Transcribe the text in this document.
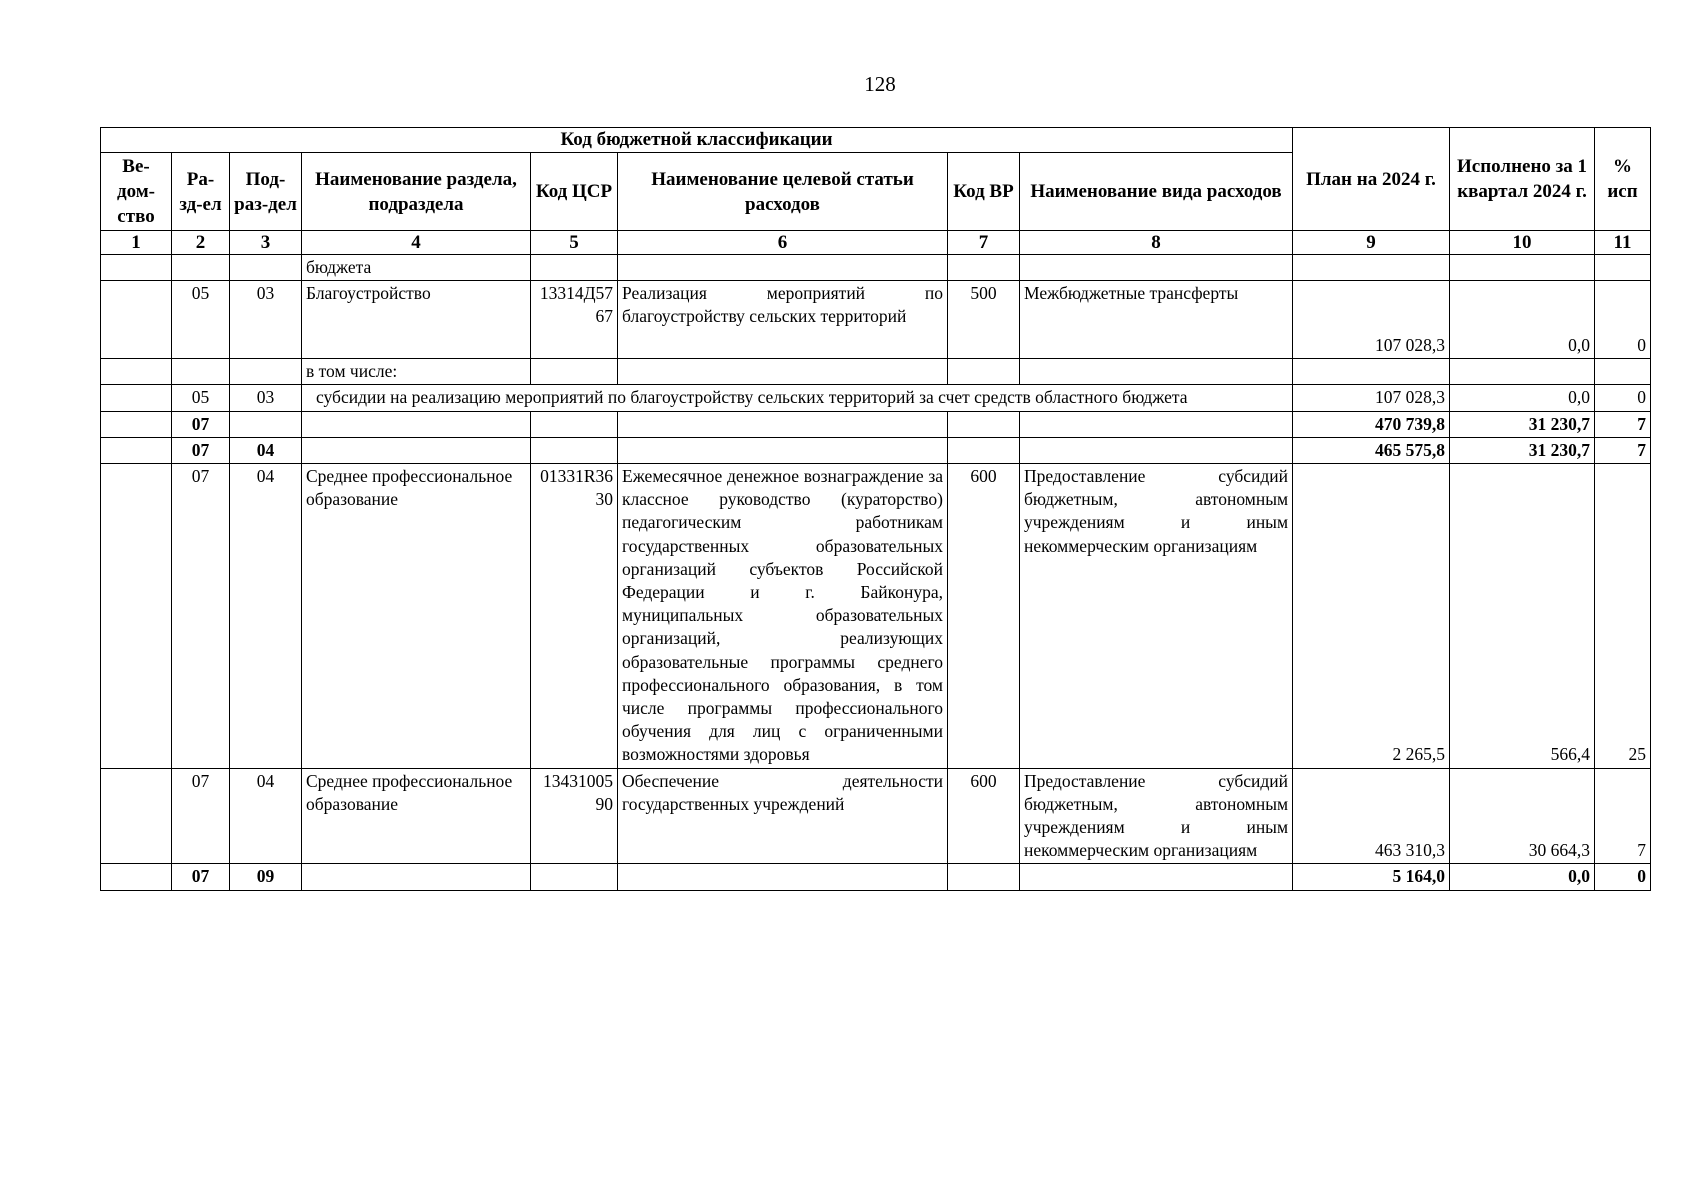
128
Код бюджетной классификации								План на 2024 г.	Исполнено за 1 квартал 2024 г.	% исп
Ве-дом-ство	Ра-зд-ел	Под-раз-дел	Наименование раздела, подраздела	Код ЦСР	Наименование целевой статьи расходов	Код ВР	Наименование вида расходов			
1	2	3	4	5	6	7	8	9	10	11
			бюджета							
	05	03	Благоустройство	13314Д5767	Реализация мероприятий по благоустройству сельских территорий	500	Межбюджетные трансферты	107 028,3	0,0	0
			в том числе:							
	05	03	субсидии на реализацию мероприятий по благоустройству сельских территорий за счет средств областного бюджета					107 028,3	0,0	0
	07							470 739,8	31 230,7	7
	07	04						465 575,8	31 230,7	7
	07	04	Среднее профессиональное образование	01331R3630	Ежемесячное денежное вознаграждение за классное руководство (кураторство) педагогическим работникам государственных образовательных организаций субъектов Российской Федерации и г. Байконура, муниципальных образовательных организаций, реализующих образовательные программы среднего профессионального образования, в том числе программы профессионального обучения для лиц с ограниченными возможностями здоровья	600	Предоставление субсидий бюджетным, автономным учреждениям и иным некоммерческим организациям	2 265,5	566,4	25
	07	04	Среднее профессиональное образование	1343100590	Обеспечение деятельности государственных учреждений	600	Предоставление субсидий бюджетным, автономным учреждениям и иным некоммерческим организациям	463 310,3	30 664,3	7
	07	09						5 164,0	0,0	0
